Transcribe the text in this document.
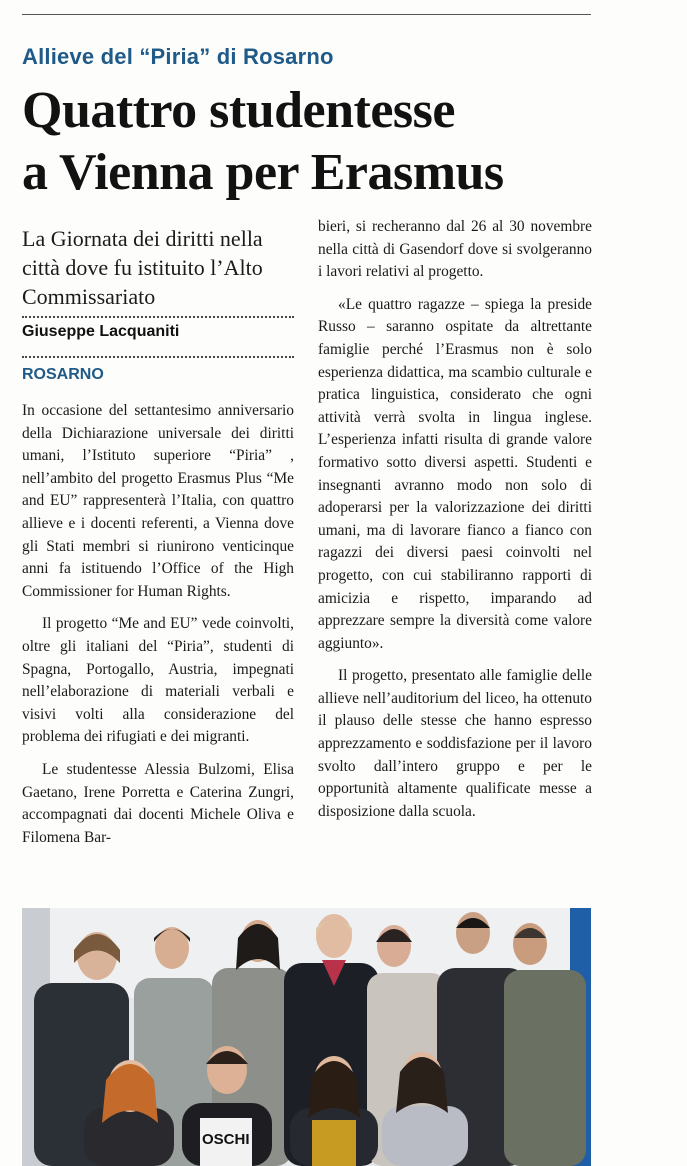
Allieve del “Piria” di Rosarno
Quattro studentesse
a Vienna per Erasmus
La Giornata dei diritti nella città dove fu istituito l’Alto Commissariato
Giuseppe Lacquaniti
ROSARNO

In occasione del settantesimo anniversario della Dichiarazione universale dei diritti umani, l’Istituto superiore “Piria” , nell’ambito del progetto Erasmus Plus “Me and EU” rappresenterà l’Italia, con quattro allieve e i docenti referenti, a Vienna dove gli Stati membri si riunirono venticinque anni fa istituendo l’Office of the High Commissioner for Human Rights.

Il progetto “Me and EU” vede coinvolti, oltre gli italiani del “Piria”, studenti di Spagna, Portogallo, Austria, impegnati nell’elaborazione di materiali verbali e visivi volti alla considerazione del problema dei rifugiati e dei migranti.

Le studentesse Alessia Bulzomi, Elisa Gaetano, Irene Porretta e Caterina Zungri, accompagnati dai docenti Michele Oliva e Filomena Bar-

bieri, si recheranno dal 26 al 30 novembre nella città di Gasendorf dove si svolgeranno i lavori relativi al progetto.

«Le quattro ragazze – spiega la preside Russo – saranno ospitate da altrettante famiglie perché l’Erasmus non è solo esperienza didattica, ma scambio culturale e pratica linguistica, considerato che ogni attività verrà svolta in lingua inglese. L’esperienza infatti risulta di grande valore formativo sotto diversi aspetti. Studenti e insegnanti avranno modo non solo di adoperarsi per la valorizzazione dei diritti umani, ma di lavorare fianco a fianco con ragazzi dei diversi paesi coinvolti nel progetto, con cui stabiliranno rapporti di amicizia e rispetto, imparando ad apprezzare sempre la diversità come valore aggiunto».

Il progetto, presentato alle famiglie delle allieve nell’auditorium del liceo, ha ottenuto il plauso delle stesse che hanno espresso apprezzamento e soddisfazione per il lavoro svolto dall’intero gruppo e per le opportunità altamente qualificate messe a disposizione dalla scuola.

OSCHI
